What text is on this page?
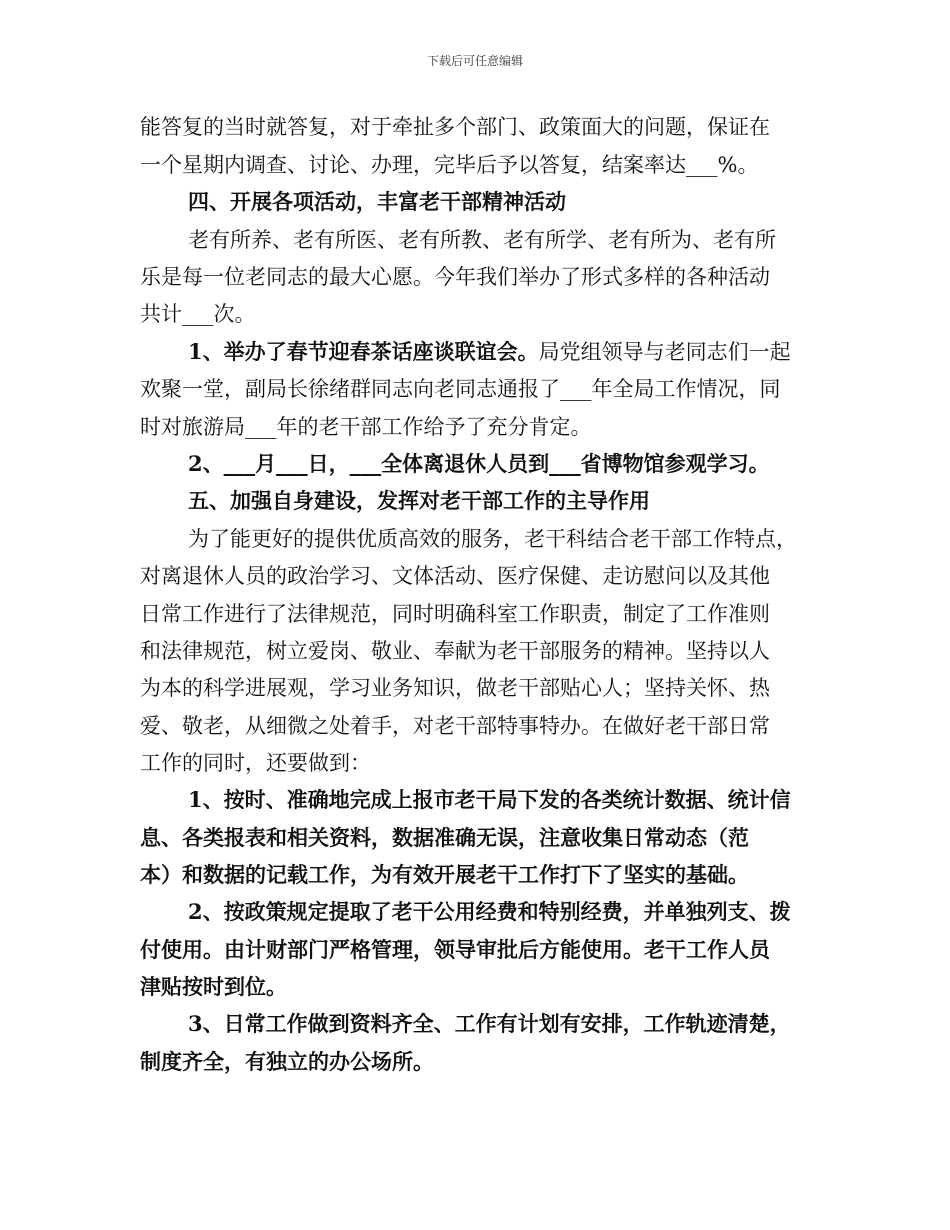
下载后可任意编辑
能答复的当时就答复，对于牵扯多个部门、政策面大的问题，保证在
一个星期内调查、讨论、办理，完毕后予以答复，结案率达___%。
四、开展各项活动，丰富老干部精神活动
老有所养、老有所医、老有所教、老有所学、老有所为、老有所
乐是每一位老同志的最大心愿。今年我们举办了形式多样的各种活动
共计___次。
1、举办了春节迎春茶话座谈联谊会。局党组领导与老同志们一起
欢聚一堂，副局长徐绪群同志向老同志通报了___年全局工作情况，同
时对旅游局___年的老干部工作给予了充分肯定。
2、___月___日，___全体离退休人员到___省博物馆参观学习。
五、加强自身建设，发挥对老干部工作的主导作用
为了能更好的提供优质高效的服务，老干科结合老干部工作特点，
对离退休人员的政治学习、文体活动、医疗保健、走访慰问以及其他
日常工作进行了法律规范，同时明确科室工作职责，制定了工作准则
和法律规范，树立爱岗、敬业、奉献为老干部服务的精神。坚持以人
为本的科学进展观，学习业务知识，做老干部贴心人；坚持关怀、热
爱、敬老，从细微之处着手，对老干部特事特办。在做好老干部日常
工作的同时，还要做到：
1、按时、准确地完成上报市老干局下发的各类统计数据、统计信
息、各类报表和相关资料，数据准确无误，注意收集日常动态（范
本）和数据的记载工作，为有效开展老干工作打下了坚实的基础。
2、按政策规定提取了老干公用经费和特别经费，并单独列支、拨
付使用。由计财部门严格管理，领导审批后方能使用。老干工作人员
津贴按时到位。
3、日常工作做到资料齐全、工作有计划有安排，工作轨迹清楚，
制度齐全，有独立的办公场所。
